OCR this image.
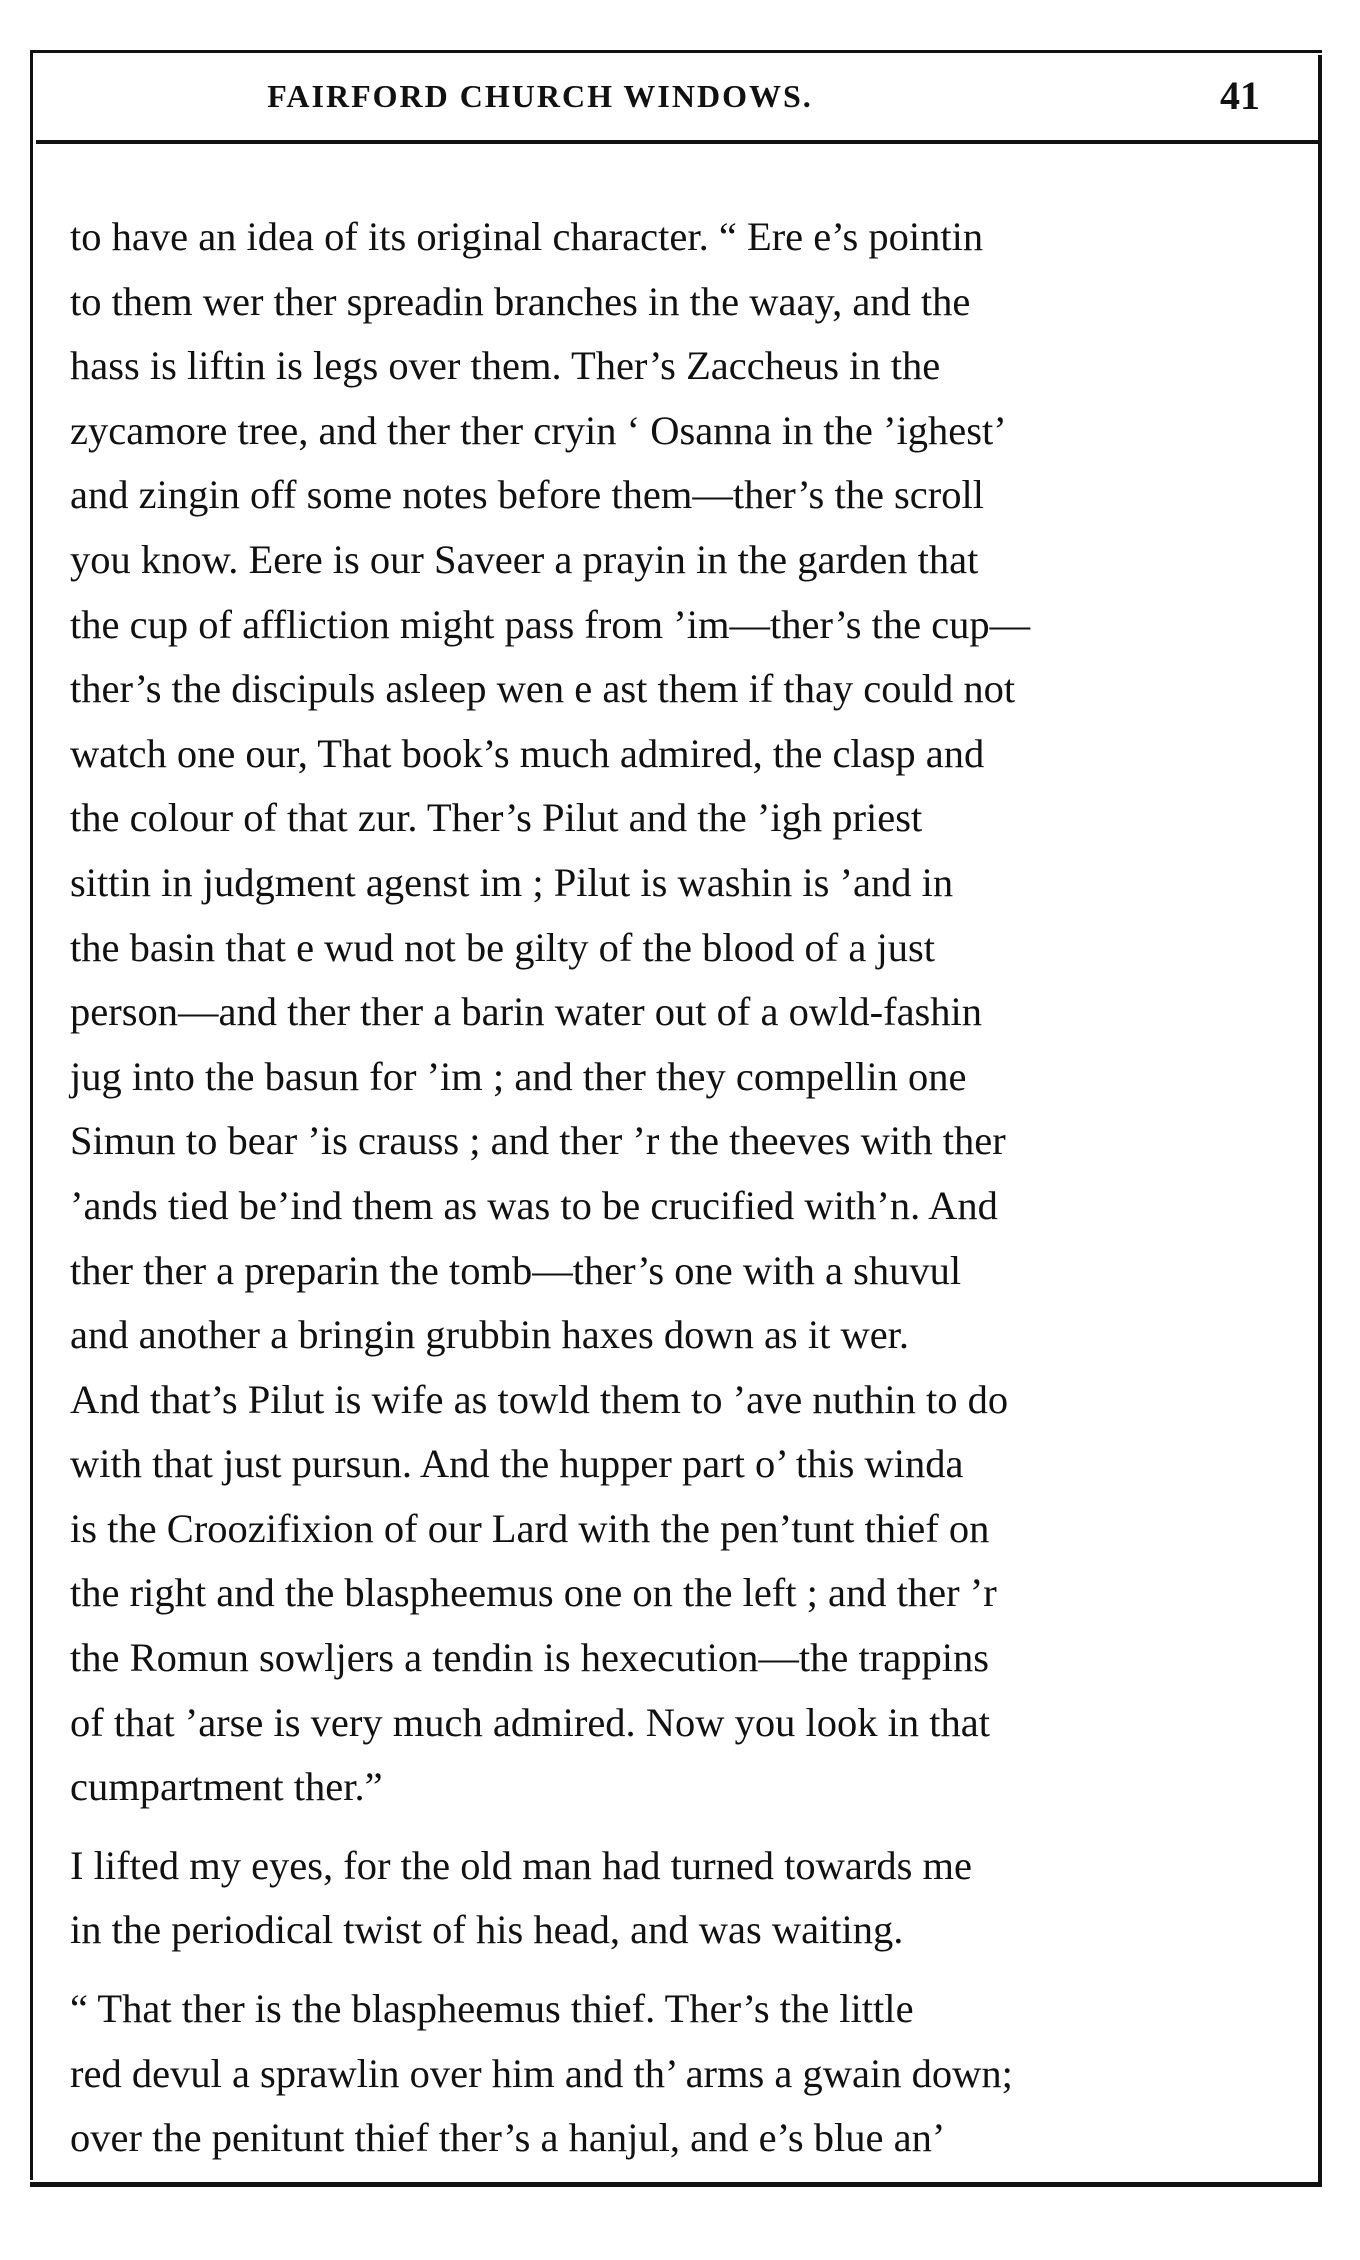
FAIRFORD CHURCH WINDOWS.	41

to have an idea of its original character. “ Ere e’s pointin
to them wer ther spreadin branches in the waay, and the
hass is liftin is legs over them. Ther’s Zaccheus in the
zycamore tree, and ther ther cryin ‘ Osanna in the ’ighest’
and zingin off some notes before them—ther’s the scroll
you know. Eere is our Saveer a prayin in the garden that
the cup of affliction might pass from ’im—ther’s the cup—
ther’s the discipuls asleep wen e ast them if thay could not
watch one our, That book’s much admired, the clasp and
the colour of that zur. Ther’s Pilut and the ’igh priest
sittin in judgment agenst im ; Pilut is washin is ’and in
the basin that e wud not be gilty of the blood of a just
person—and ther ther a barin water out of a owld-fashin
jug into the basun for ’im ; and ther they compellin one
Simun to bear ’is crauss ; and ther ’r the theeves with ther
’ands tied be’ind them as was to be crucified with’n. And
ther ther a preparin the tomb—ther’s one with a shuvul
and another a bringin grubbin haxes down as it wer.
And that’s Pilut is wife as towld them to ’ave nuthin to do
with that just pursun. And the hupper part o’ this winda
is the Croozifixion of our Lard with the pen’tunt thief on
the right and the blaspheemus one on the left ; and ther ’r
the Romun sowljers a tendin is hexecution—the trappins
of that ’arse is very much admired. Now you look in that
cumpartment ther.”

I lifted my eyes, for the old man had turned towards me
in the periodical twist of his head, and was waiting.

“ That ther is the blaspheemus thief. Ther’s the little
red devul a sprawlin over him and th’ arms a gwain down;
over the penitunt thief ther’s a hanjul, and e’s blue an’
